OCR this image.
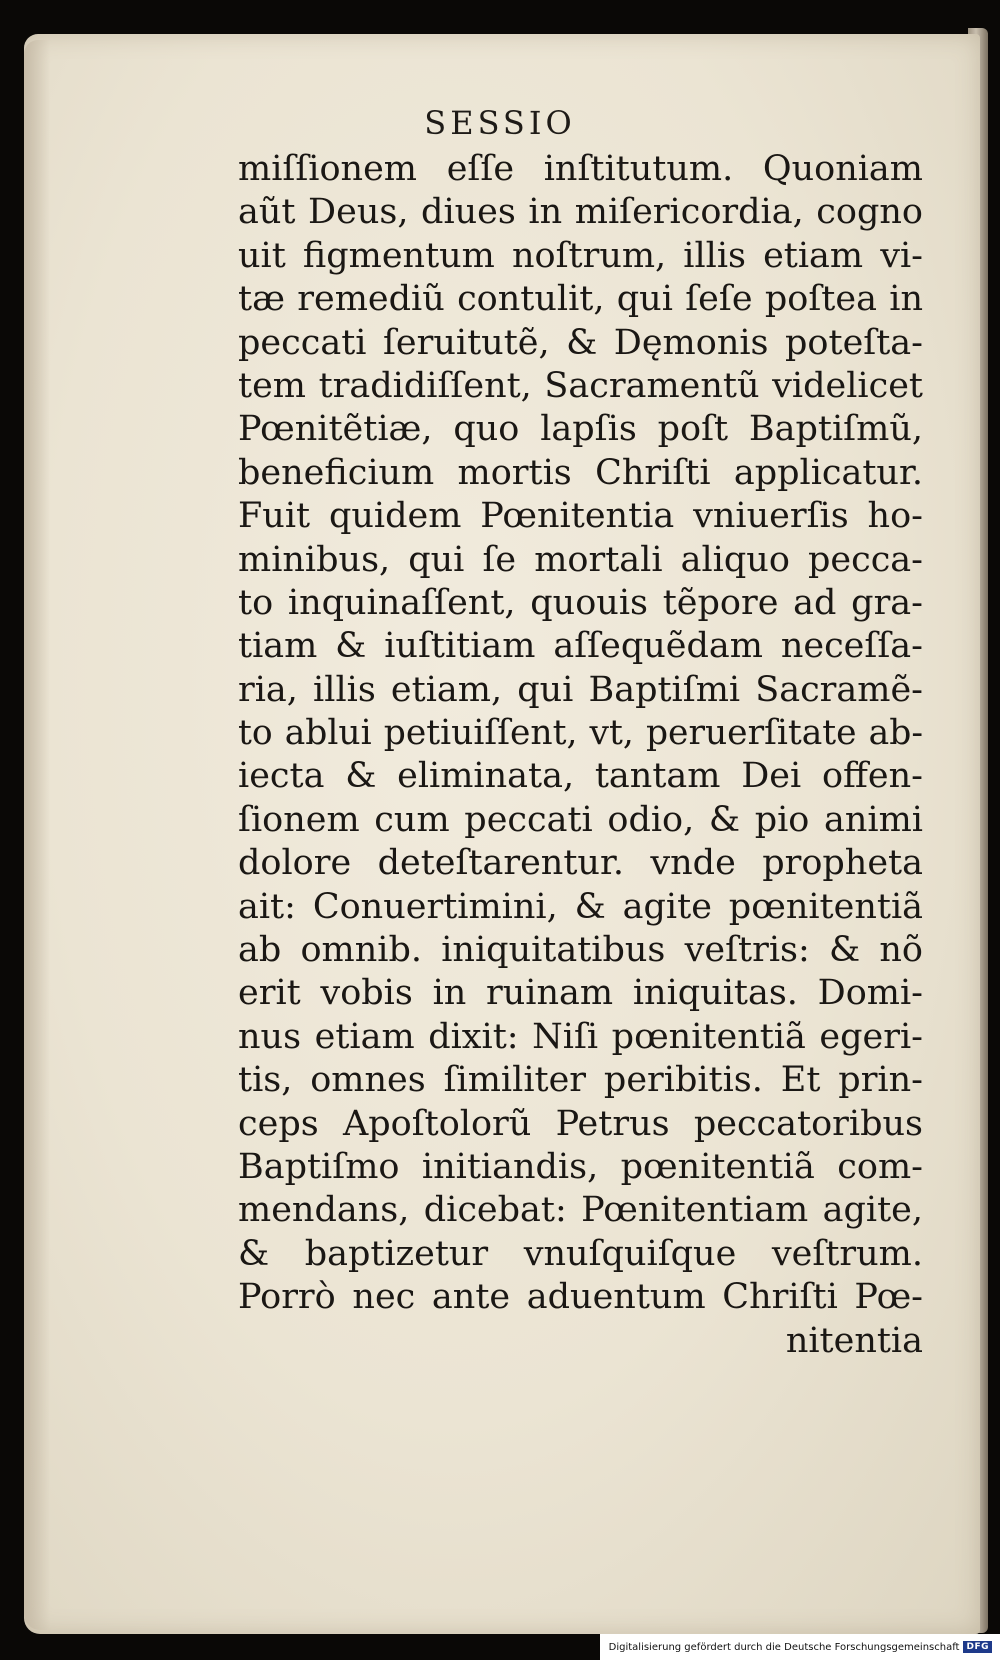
SESSIO
miſſionem eſſe inſtitutum. Quoniam
aũt Deus, diues in miſericordia, cogno
uit figmentum noſtrum, illis etiam vi-
tæ remediũ contulit, qui ſeſe poſtea in
peccati ſeruitutẽ, & Dęmonis poteſta-
tem tradidiſſent, Sacramentũ videlicet
Pœnitẽtiæ, quo lapſis poſt Baptiſmũ,
beneficium mortis Chriſti applicatur.
Fuit quidem Pœnitentia vniuerſis ho-
minibus, qui ſe mortali aliquo pecca-
to inquinaſſent, quouis tẽpore ad gra-
tiam & iuſtitiam aſſequẽdam neceſſa-
ria, illis etiam, qui Baptiſmi Sacramẽ-
to ablui petiuiſſent, vt, peruerſitate ab-
iecta & eliminata, tantam Dei offen-
ſionem cum peccati odio, & pio animi
dolore deteſtarentur. vnde propheta
ait: Conuertimini, & agite pœnitentiã
ab omnib. iniquitatibus veſtris: & nõ
erit vobis in ruinam iniquitas. Domi-
nus etiam dixit: Niſi pœnitentiã egeri-
tis, omnes ſimiliter peribitis. Et prin-
ceps Apoſtolorũ Petrus peccatoribus
Baptiſmo initiandis, pœnitentiã com-
mendans, dicebat: Pœnitentiam agite,
& baptizetur vnuſquiſque veſtrum.
Porrò nec ante aduentum Chriſti Pœ-
nitentia
Digitalisierung gefördert durch die Deutsche Forschungsgemeinschaft DFG
